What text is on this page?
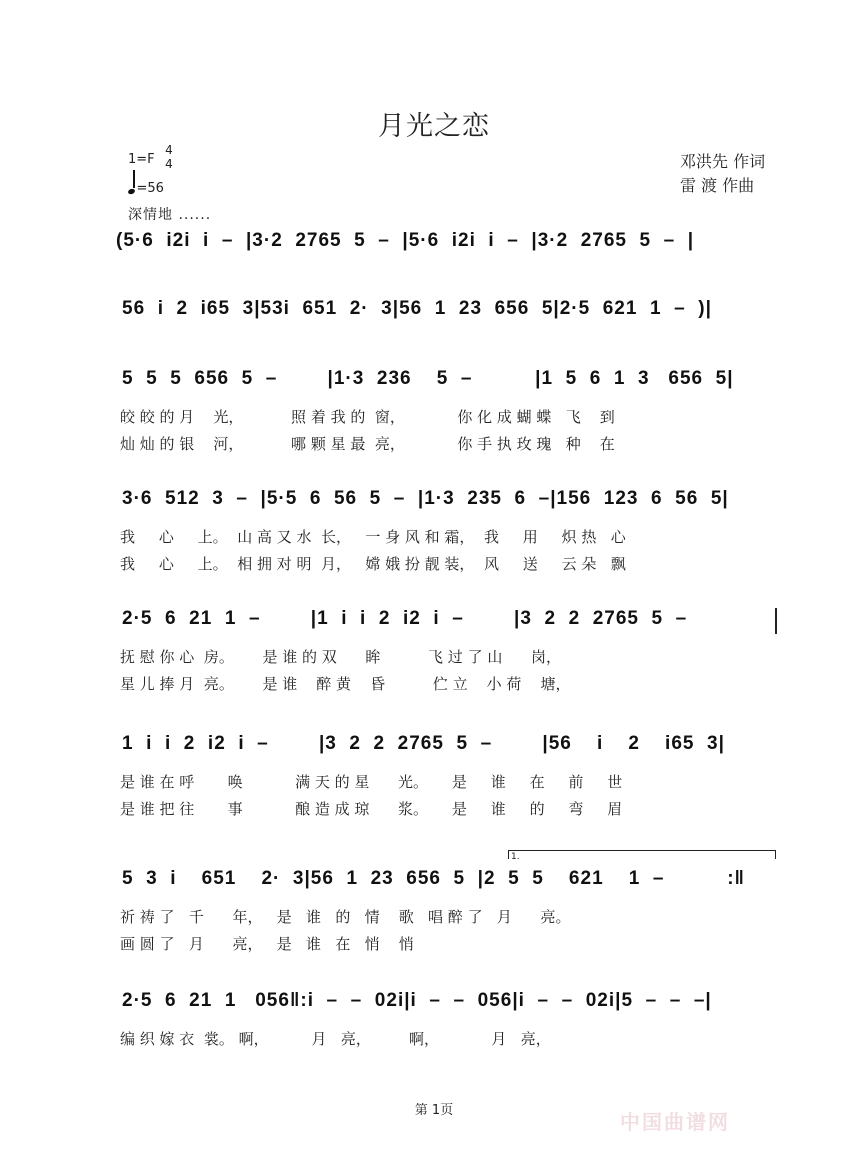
月光之恋
1=F
4
4
=56
深情地 ......
邓洪先 作词
雷 渡 作曲
(5·6  i2i  i  –  |3·2  2765  5  –  |5·6  i2i  i  –  |3·2  2765  5  –  |
56  i  2  i65  3|53i  651  2·  3|56  1  23  656  5|2·5  621  1  –  )|
5  5  5  656  5  –        |1·3  236    5  –          |1  5  6  1  3   656  5|
皎 皎 的 月    光，          照 着 我 的  窗，           你 化 成 蝴 蝶   飞    到
灿 灿 的 银    河，          哪 颗 星 最  亮，           你 手 执 玫 瑰   种    在
3·6  512  3  –  |5·5  6  56  5  –  |1·3  235  6  –|156  123  6  56  5|
我     心     上。  山 高 又 水  长，   一 身 风 和 霜，  我     用     炽 热   心
我     心     上。  相 拥 对 明  月，   嫦 娥 扮 靓 装，  风     送     云 朵   飘
2·5  6  21  1  –        |1  i  i  2  i2  i  –        |3  2  2  2765  5  –
抚 慰 你 心  房。      是 谁 的 双      眸          飞 过 了 山      岗，
星 儿 捧 月  亮。      是 谁    醉 黄    昏          伫 立    小 荷    塘，
1  i  i  2  i2  i  –        |3  2  2  2765  5  –        |56    i    2    i65  3|
是 谁 在 呼       唤           满 天 的 星      光。     是     谁     在     前     世
是 谁 把 往       事           酿 造 成 琼      浆。     是     谁     的     弯     眉
1.
5  3  i    651    2·  3|56  1  23  656  5  |2  5  5    621    1  –          :‖
祈 祷 了   千      年，   是   谁   的   情    歌   唱 醉 了   月      亮。
画 圆 了   月      亮，   是   谁   在   悄    悄
2·5  6  21  1   056‖:i  –  –  02i|i  –  –  056|i  –  –  02i|5  –  –  –|
编 织 嫁 衣  裳。 啊，         月   亮，        啊，           月   亮，
第 1页	中国曲谱网
